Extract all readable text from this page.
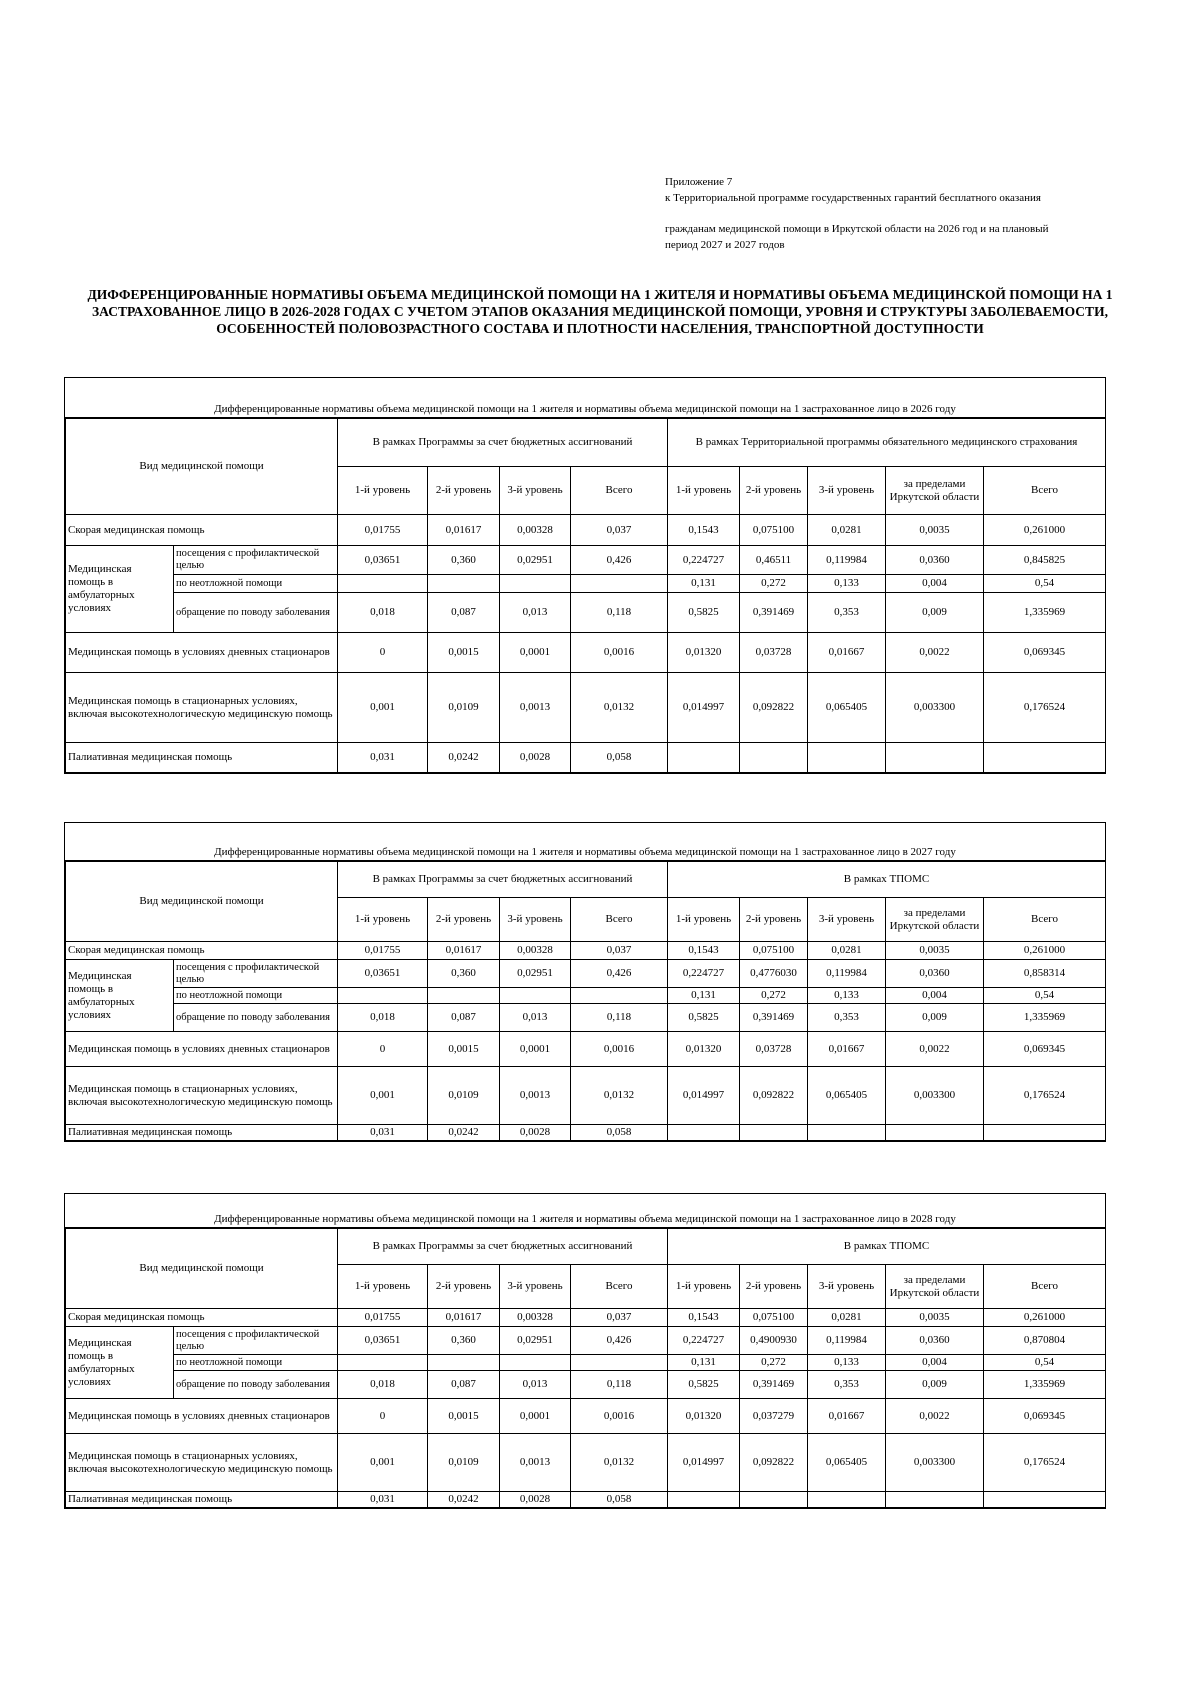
Приложение 7
к Территориальной программе государственных гарантий бесплатного оказания
гражданам медицинской помощи в Иркутской области на 2026 год и на плановый
период 2027 и 2027 годов
ДИФФЕРЕНЦИРОВАННЫЕ НОРМАТИВЫ ОБЪЕМА МЕДИЦИНСКОЙ ПОМОЩИ НА 1 ЖИТЕЛЯ И НОРМАТИВЫ ОБЪЕМА МЕДИЦИНСКОЙ ПОМОЩИ НА 1 ЗАСТРАХОВАННОЕ ЛИЦО В 2026-2028 ГОДАХ С УЧЕТОМ ЭТАПОВ ОКАЗАНИЯ МЕДИЦИНСКОЙ ПОМОЩИ, УРОВНЯ И СТРУКТУРЫ ЗАБОЛЕВАЕМОСТИ, ОСОБЕННОСТЕЙ ПОЛОВОЗРАСТНОГО СОСТАВА И ПЛОТНОСТИ НАСЕЛЕНИЯ, ТРАНСПОРТНОЙ ДОСТУПНОСТИ
Дифференцированные нормативы объема медицинской помощи на 1 жителя и нормативы объема медицинской помощи на 1 застрахованное лицо в 2026 году
Вид медицинской помощи		В рамках Программы за счет бюджетных ассигнований				В рамках Территориальной программы обязательного медицинского страхования				
		1-й уровень	2-й уровень	3-й уровень	Всего	1-й уровень	2-й уровень	3-й уровень	за пределами Иркутской области	Всего
Скорая медицинская помощь		0,01755	0,01617	0,00328	0,037	0,1543	0,075100	0,0281	0,0035	0,261000
Медицинская помощь в амбулаторных условиях	посещения с профилактической целью	0,03651	0,360	0,02951	0,426	0,224727	0,46511	0,119984	0,0360	0,845825
	по неотложной помощи					0,131	0,272	0,133	0,004	0,54
	обращение по поводу заболевания	0,018	0,087	0,013	0,118	0,5825	0,391469	0,353	0,009	1,335969
Медицинская помощь в условиях дневных стационаров		0	0,0015	0,0001	0,0016	0,01320	0,03728	0,01667	0,0022	0,069345
Медицинская помощь в стационарных условиях, включая высокотехнологическую медицинскую помощь		0,001	0,0109	0,0013	0,0132	0,014997	0,092822	0,065405	0,003300	0,176524
Палиативная медицинская помощь		0,031	0,0242	0,0028	0,058					
Дифференцированные нормативы объема медицинской помощи на 1 жителя и нормативы объема медицинской помощи на 1 застрахованное лицо в 2027 году
Вид медицинской помощи		В рамках Программы за счет бюджетных ассигнований				В рамках ТПОМС				
		1-й уровень	2-й уровень	3-й уровень	Всего	1-й уровень	2-й уровень	3-й уровень	за пределами Иркутской области	Всего
Скорая медицинская помощь		0,01755	0,01617	0,00328	0,037	0,1543	0,075100	0,0281	0,0035	0,261000
Медицинская помощь в амбулаторных условиях	посещения с профилактической целью	0,03651	0,360	0,02951	0,426	0,224727	0,4776030	0,119984	0,0360	0,858314
	по неотложной помощи					0,131	0,272	0,133	0,004	0,54
	обращение по поводу заболевания	0,018	0,087	0,013	0,118	0,5825	0,391469	0,353	0,009	1,335969
Медицинская помощь в условиях дневных стационаров		0	0,0015	0,0001	0,0016	0,01320	0,03728	0,01667	0,0022	0,069345
Медицинская помощь в стационарных условиях, включая высокотехнологическую медицинскую помощь		0,001	0,0109	0,0013	0,0132	0,014997	0,092822	0,065405	0,003300	0,176524
Палиативная медицинская помощь		0,031	0,0242	0,0028	0,058					
Дифференцированные нормативы объема медицинской помощи на 1 жителя и нормативы объема медицинской помощи на 1 застрахованное лицо в 2028 году
Вид медицинской помощи		В рамках Программы за счет бюджетных ассигнований				В рамках ТПОМС				
		1-й уровень	2-й уровень	3-й уровень	Всего	1-й уровень	2-й уровень	3-й уровень	за пределами Иркутской области	Всего
Скорая медицинская помощь		0,01755	0,01617	0,00328	0,037	0,1543	0,075100	0,0281	0,0035	0,261000
Медицинская помощь в амбулаторных условиях	посещения с профилактической целью	0,03651	0,360	0,02951	0,426	0,224727	0,4900930	0,119984	0,0360	0,870804
	по неотложной помощи					0,131	0,272	0,133	0,004	0,54
	обращение по поводу заболевания	0,018	0,087	0,013	0,118	0,5825	0,391469	0,353	0,009	1,335969
Медицинская помощь в условиях дневных стационаров		0	0,0015	0,0001	0,0016	0,01320	0,037279	0,01667	0,0022	0,069345
Медицинская помощь в стационарных условиях, включая высокотехнологическую медицинскую помощь		0,001	0,0109	0,0013	0,0132	0,014997	0,092822	0,065405	0,003300	0,176524
Палиативная медицинская помощь		0,031	0,0242	0,0028	0,058					
